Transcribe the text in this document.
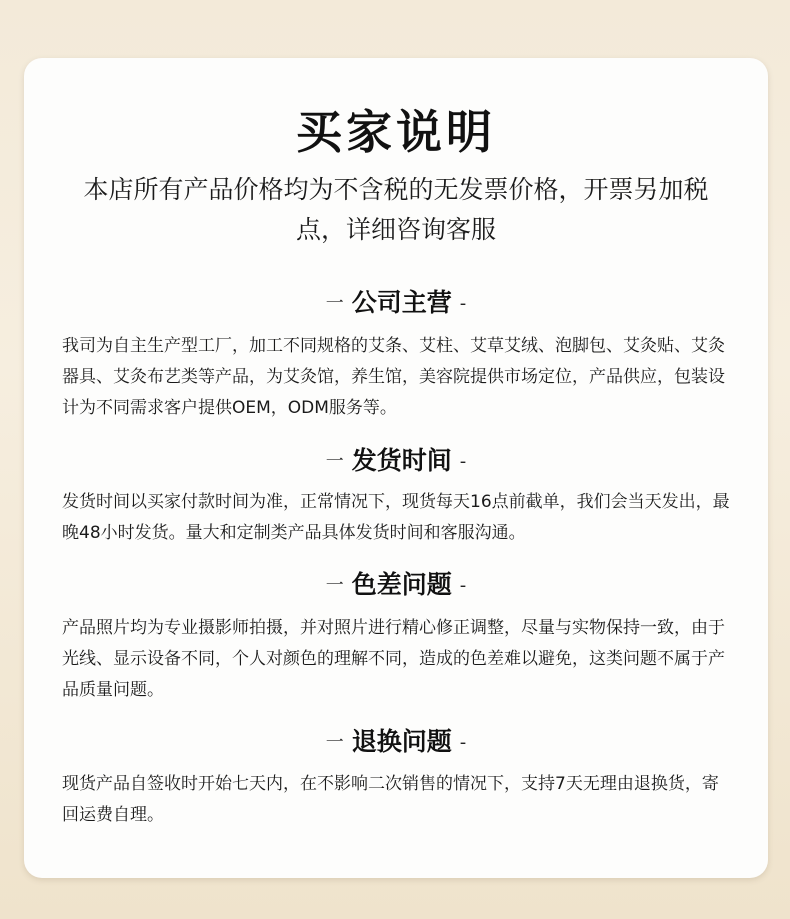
买家说明
本店所有产品价格均为不含税的无发票价格，开票另加税点，详细咨询客服
一 公司主营 -
我司为自主生产型工厂，加工不同规格的艾条、艾柱、艾草艾绒、泡脚包、艾灸贴、艾灸器具、艾灸布艺类等产品，为艾灸馆，养生馆，美容院提供市场定位，产品供应，包装设计为不同需求客户提供OEM，ODM服务等。
一 发货时间 -
发货时间以买家付款时间为准，正常情况下，现货每天16点前截单，我们会当天发出，最晚48小时发货。量大和定制类产品具体发货时间和客服沟通。
一 色差问题 -
产品照片均为专业摄影师拍摄，并对照片进行精心修正调整，尽量与实物保持一致，由于光线、显示设备不同，个人对颜色的理解不同，造成的色差难以避免，这类问题不属于产品质量问题。
一 退换问题 -
现货产品自签收时开始七天内，在不影响二次销售的情况下，支持7天无理由退换货，寄回运费自理。
